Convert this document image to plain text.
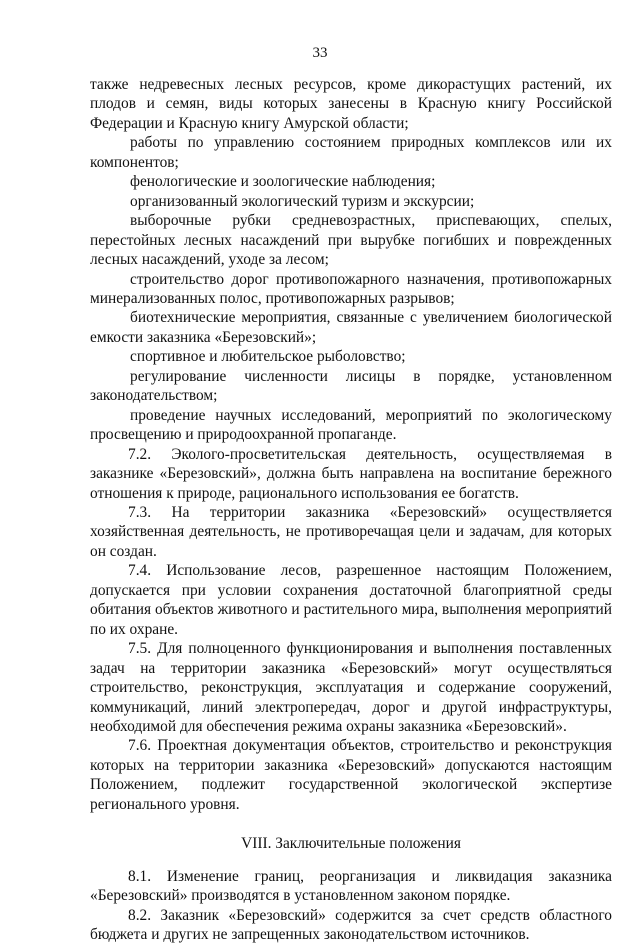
33

также недревесных лесных ресурсов, кроме дикорастущих растений, их плодов и семян, виды которых занесены в Красную книгу Российской Федерации и Красную книгу Амурской области;

работы по управлению состоянием природных комплексов или их компонентов;

фенологические и зоологические наблюдения;

организованный экологический туризм и экскурсии;

выборочные рубки средневозрастных, приспевающих, спелых, перестойных лесных насаждений при вырубке погибших и поврежденных лесных насаждений, уходе за лесом;

строительство дорог противопожарного назначения, противопожарных минерализованных полос, противопожарных разрывов;

биотехнические мероприятия, связанные с увеличением биологической емкости заказника «Березовский»;

спортивное и любительское рыболовство;

регулирование численности лисицы в порядке, установленном законодательством;

проведение научных исследований, мероприятий по экологическому просвещению и природоохранной пропаганде.

7.2. Эколого-просветительская деятельность, осуществляемая в заказнике «Березовский», должна быть направлена на воспитание бережного отношения к природе, рационального использования ее богатств.

7.3. На территории заказника «Березовский» осуществляется хозяйственная деятельность, не противоречащая цели и задачам, для которых он создан.

7.4. Использование лесов, разрешенное настоящим Положением, допускается при условии сохранения достаточной благоприятной среды обитания объектов животного и растительного мира, выполнения мероприятий по их охране.

7.5. Для полноценного функционирования и выполнения поставленных задач на территории заказника «Березовский» могут осуществляться строительство, реконструкция, эксплуатация и содержание сооружений, коммуникаций, линий электропередач, дорог и другой инфраструктуры, необходимой для обеспечения режима охраны заказника «Березовский».

7.6. Проектная документация объектов, строительство и реконструкция которых на территории заказника «Березовский» допускаются настоящим Положением, подлежит государственной экологической экспертизе регионального уровня.

VIII. Заключительные положения

8.1. Изменение границ, реорганизация и ликвидация заказника «Березовский» производятся в установленном законом порядке.

8.2. Заказник «Березовский» содержится за счет средств областного бюджета и других не запрещенных законодательством источников.
